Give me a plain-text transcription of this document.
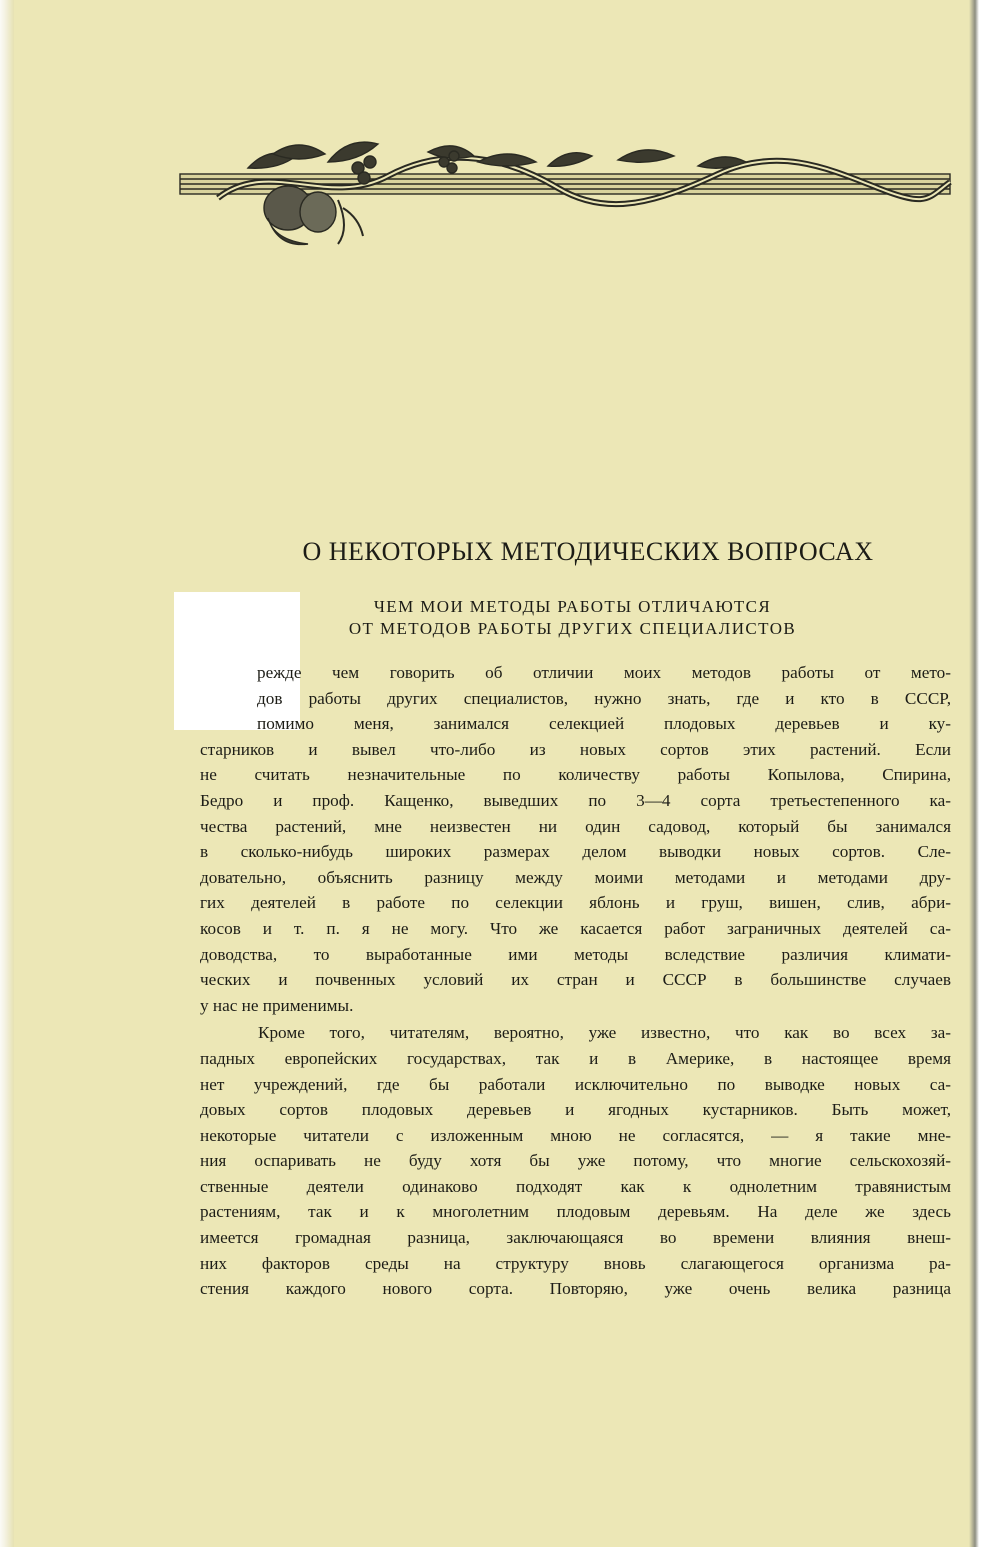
О НЕКОТОРЫХ МЕТОДИЧЕСКИХ ВОПРОСАХ
ЧЕМ МОИ МЕТОДЫ РАБОТЫ ОТЛИЧАЮТСЯ
ОТ МЕТОДОВ РАБОТЫ ДРУГИХ СПЕЦИАЛИСТОВ
режде чем говорить об отличии моих методов работы от мето-
дов работы других специалистов, нужно знать, где и кто в СССР,
помимо меня, занимался селекцией плодовых деревьев и ку-
старников и вывел что-либо из новых сортов этих растений. Если
не считать незначительные по количеству работы Копылова, Спирина,
Бедро и проф. Кащенко, выведших по 3—4 сорта третьестепенного ка-
чества растений, мне неизвестен ни один садовод, который бы занимался
в сколько-нибудь широких размерах делом выводки новых сортов. Сле-
довательно, объяснить разницу между моими методами и методами дру-
гих деятелей в работе по селекции яблонь и груш, вишен, слив, абри-
косов и т. п. я не могу. Что же касается работ заграничных деятелей са-
доводства, то выработанные ими методы вследствие различия климати-
ческих и почвенных условий их стран и СССР в большинстве случаев
у нас не применимы.
Кроме того, читателям, вероятно, уже известно, что как во всех за-
падных европейских государствах, так и в Америке, в настоящее время
нет учреждений, где бы работали исключительно по выводке новых са-
довых сортов плодовых деревьев и ягодных кустарников. Быть может,
некоторые читатели с изложенным мною не согласятся, — я такие мне-
ния оспаривать не буду хотя бы уже потому, что многие сельскохозяй-
ственные деятели одинаково подходят как к однолетним травянистым
растениям, так и к многолетним плодовым деревьям. На деле же здесь
имеется громадная разница, заключающаяся во времени влияния внеш-
них факторов среды на структуру вновь слагающегося организма ра-
стения каждого нового сорта. Повторяю, уже очень велика разница
